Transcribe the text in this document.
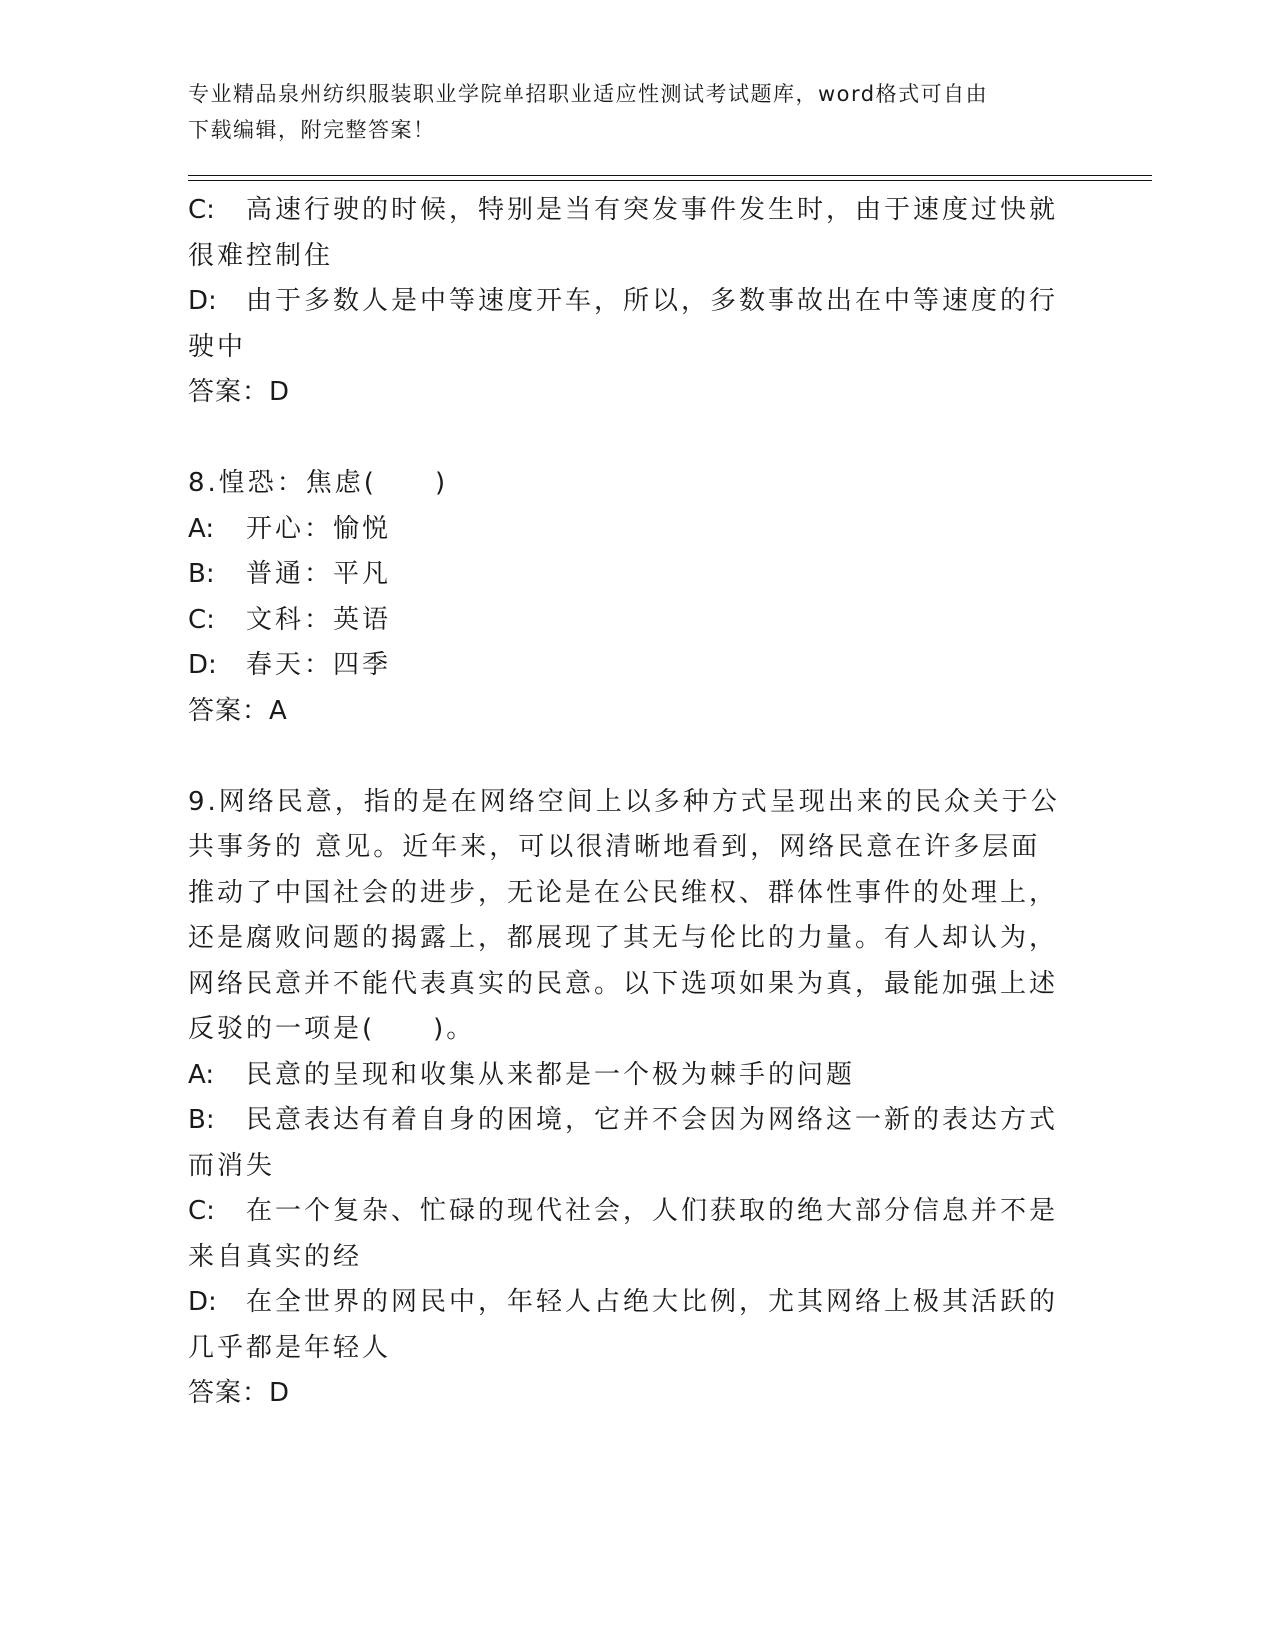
专业精品泉州纺织服装职业学院单招职业适应性测试考试题库，word格式可自由
下载编辑，附完整答案！
C:	高速行驶的时候，特别是当有突发事件发生时，由于速度过快就很难控制住
D:	由于多数人是中等速度开车，所以，多数事故出在中等速度的行驶中
答案：D
8.惶恐：焦虑(　　)
A:	开心：愉悦
B:	普通：平凡
C:	文科：英语
D:	春天：四季
答案：A
9.网络民意，指的是在网络空间上以多种方式呈现出来的民众关于公共事务的 意见。近年来，可以很清晰地看到，网络民意在许多层面推动了中国社会的进步，无论是在公民维权、群体性事件的处理上，还是腐败问题的揭露上，都展现了其无与伦比的力量。有人却认为，网络民意并不能代表真实的民意。以下选项如果为真，最能加强上述反驳的一项是(　　)。
A:	民意的呈现和收集从来都是一个极为棘手的问题
B:	民意表达有着自身的困境，它并不会因为网络这一新的表达方式而消失
C:	在一个复杂、忙碌的现代社会，人们获取的绝大部分信息并不是来自真实的经
D:	在全世界的网民中，年轻人占绝大比例，尤其网络上极其活跃的几乎都是年轻人
答案：D
